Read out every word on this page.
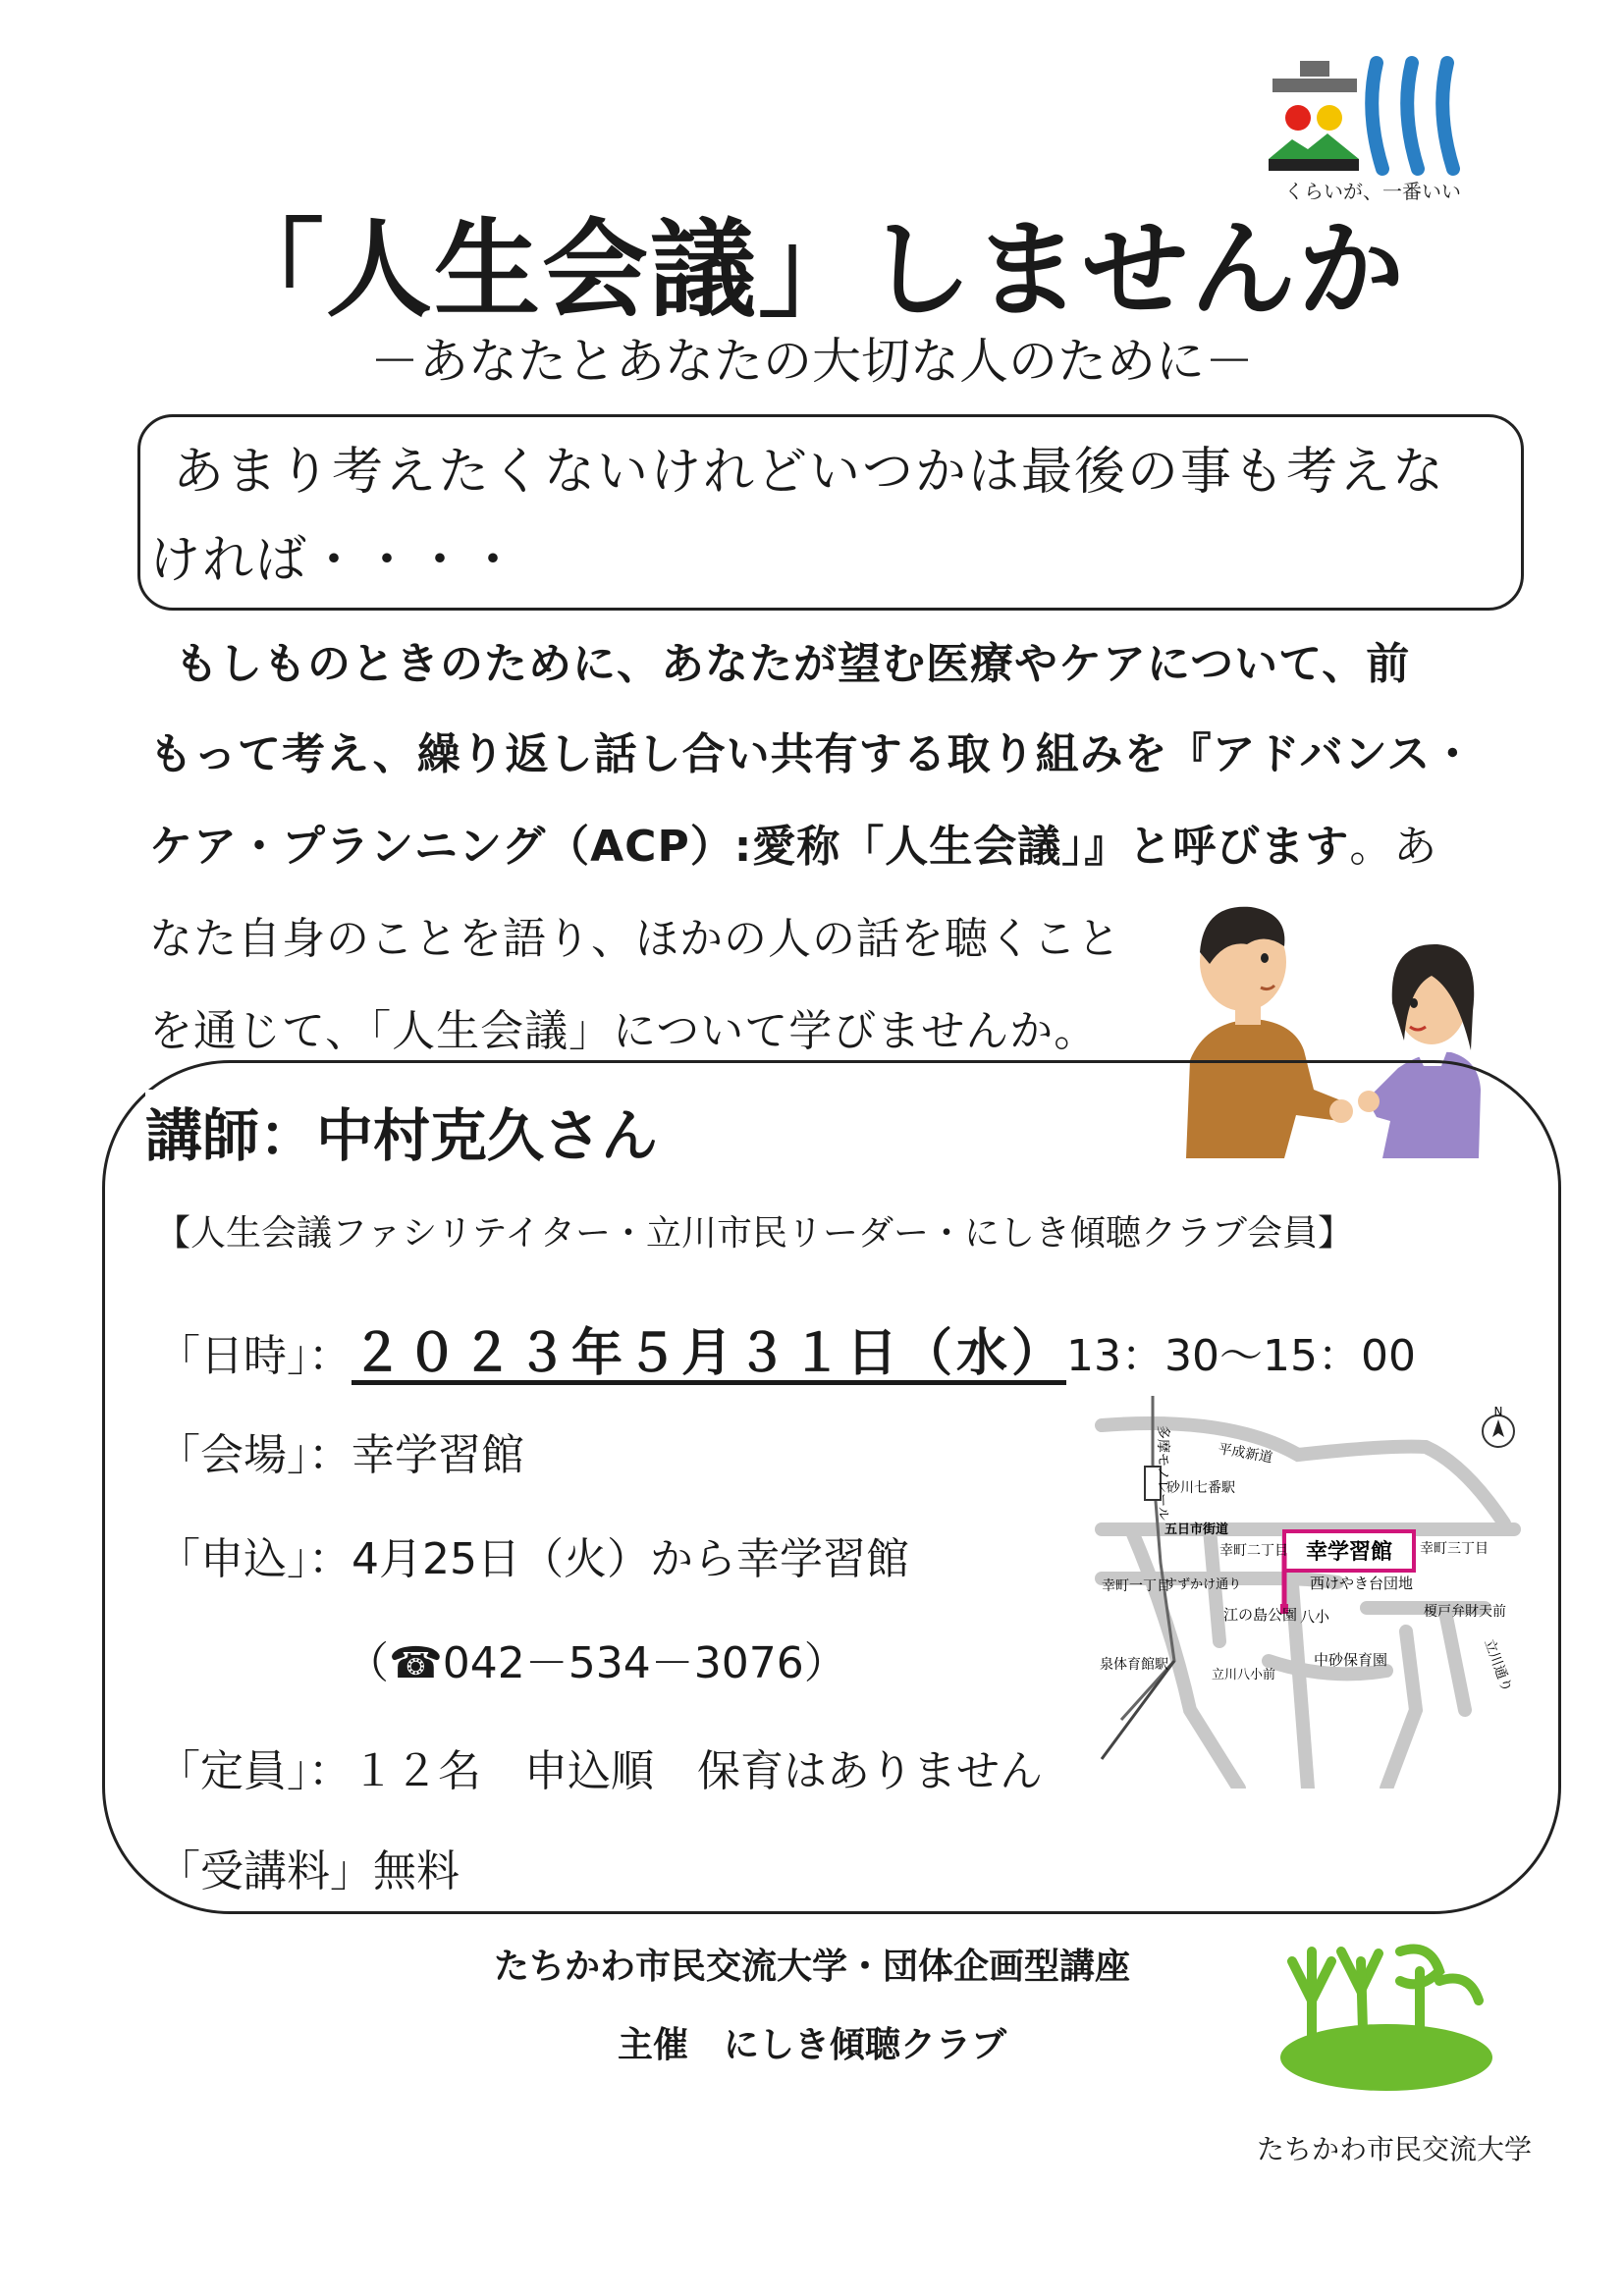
くらいが、一番いい
「人生会議」しませんか
－あなたとあなたの大切な人のために－
あまり考えたくないけれどいつかは最後の事も考えな
ければ・・・・
もしものときのために、あなたが望む医療やケアについて、前
もって考え、繰り返し話し合い共有する取り組みを『アドバンス・
ケア・プランニング（ACP）:愛称「人生会議」』と呼びます。あ
なた自身のことを語り、ほかの人の話を聴くこと
を通じて、「人生会議」について学びませんか。
講師：中村克久さん
【人生会議ファシリテイター・立川市民リーダー・にしき傾聴クラブ会員】
「日時」：２０２３年５月３１日（水）13：30～15：00
「会場」：幸学習館
「申込」：4月25日（火）から幸学習館
（☎042－534－3076）
「定員」：１２名　申込順　保育はありません
「受講料」無料
幸学習館
多摩モノレール
砂川七番駅
平成新道
五日市街道
幸町三丁目
幸町二丁目
幸町一丁目
すずかけ通り	西けやき台団地
江の島公園 八小	榎戸弁財天前
立川通り
泉体育館駅
立川八小前
中砂保育園
N
たちかわ市民交流大学・団体企画型講座
主催　にしき傾聴クラブ
たちかわ市民交流大学
